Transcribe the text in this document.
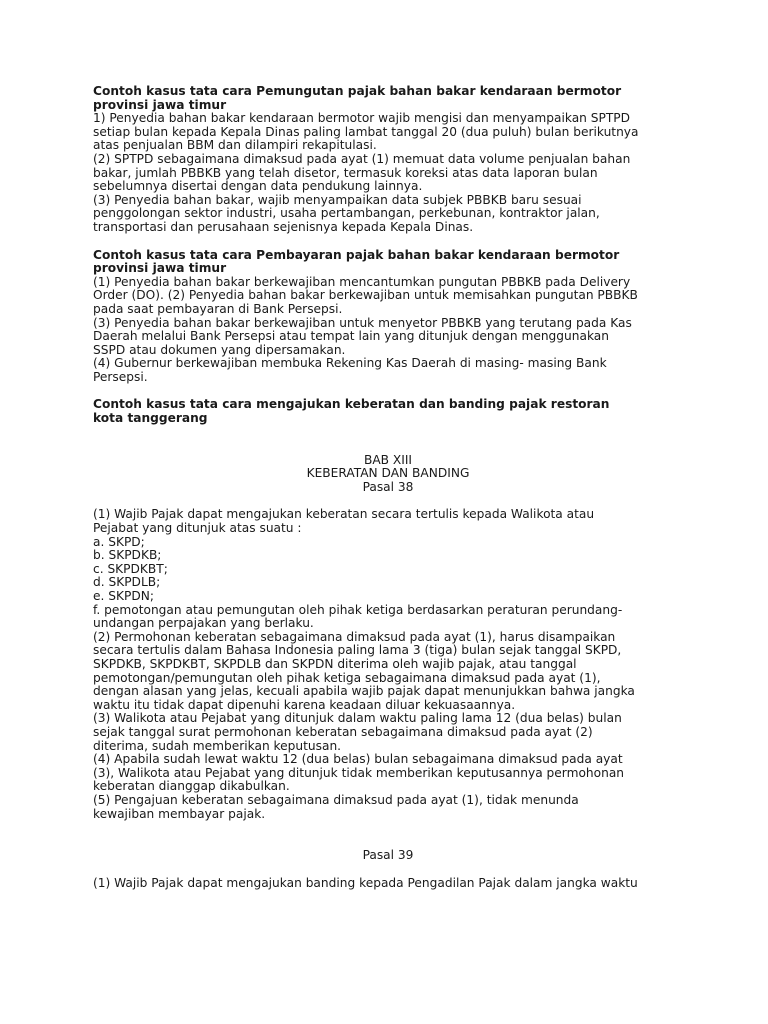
Contoh kasus tata cara Pemungutan pajak bahan bakar kendaraan bermotor
provinsi jawa timur

1) Penyedia bahan bakar kendaraan bermotor wajib mengisi dan menyampaikan SPTPD
setiap bulan kepada Kepala Dinas paling lambat tanggal 20 (dua puluh) bulan berikutnya
atas penjualan BBM dan dilampiri rekapitulasi.
(2) SPTPD sebagaimana dimaksud pada ayat (1) memuat data volume penjualan bahan
bakar, jumlah PBBKB yang telah disetor, termasuk koreksi atas data laporan bulan
sebelumnya disertai dengan data pendukung lainnya.
(3) Penyedia bahan bakar, wajib menyampaikan data subjek PBBKB baru sesuai
penggolongan sektor industri, usaha pertambangan, perkebunan, kontraktor jalan,
transportasi dan perusahaan sejenisnya kepada Kepala Dinas.

Contoh kasus tata cara Pembayaran pajak bahan bakar kendaraan bermotor
provinsi jawa timur

(1) Penyedia bahan bakar berkewajiban mencantumkan pungutan PBBKB pada Delivery
Order (DO). (2) Penyedia bahan bakar berkewajiban untuk memisahkan pungutan PBBKB
pada saat pembayaran di Bank Persepsi.
(3) Penyedia bahan bakar berkewajiban untuk menyetor PBBKB yang terutang pada Kas
Daerah melalui Bank Persepsi atau tempat lain yang ditunjuk dengan menggunakan
SSPD atau dokumen yang dipersamakan.
(4) Gubernur berkewajiban membuka Rekening Kas Daerah di masing- masing Bank
Persepsi.

Contoh kasus tata cara mengajukan keberatan dan banding pajak restoran
kota tanggerang

BAB XIII
KEBERATAN DAN BANDING
Pasal 38

(1) Wajib Pajak dapat mengajukan keberatan secara tertulis kepada Walikota atau
Pejabat yang ditunjuk atas suatu :
a. SKPD;
b. SKPDKB;
c. SKPDKBT;
d. SKPDLB;
e. SKPDN;
f. pemotongan atau pemungutan oleh pihak ketiga berdasarkan peraturan perundang-
undangan perpajakan yang berlaku.
(2) Permohonan keberatan sebagaimana dimaksud pada ayat (1), harus disampaikan
secara tertulis dalam Bahasa Indonesia paling lama 3 (tiga) bulan sejak tanggal SKPD,
SKPDKB, SKPDKBT, SKPDLB dan SKPDN diterima oleh wajib pajak, atau tanggal
pemotongan/pemungutan oleh pihak ketiga sebagaimana dimaksud pada ayat (1),
dengan alasan yang jelas, kecuali apabila wajib pajak dapat menunjukkan bahwa jangka
waktu itu tidak dapat dipenuhi karena keadaan diluar kekuasaannya.
(3) Walikota atau Pejabat yang ditunjuk dalam waktu paling lama 12 (dua belas) bulan
sejak tanggal surat permohonan keberatan sebagaimana dimaksud pada ayat (2)
diterima, sudah memberikan keputusan.
(4) Apabila sudah lewat waktu 12 (dua belas) bulan sebagaimana dimaksud pada ayat
(3), Walikota atau Pejabat yang ditunjuk tidak memberikan keputusannya permohonan
keberatan dianggap dikabulkan.
(5) Pengajuan keberatan sebagaimana dimaksud pada ayat (1), tidak menunda
kewajiban membayar pajak.

Pasal 39

(1) Wajib Pajak dapat mengajukan banding kepada Pengadilan Pajak dalam jangka waktu
